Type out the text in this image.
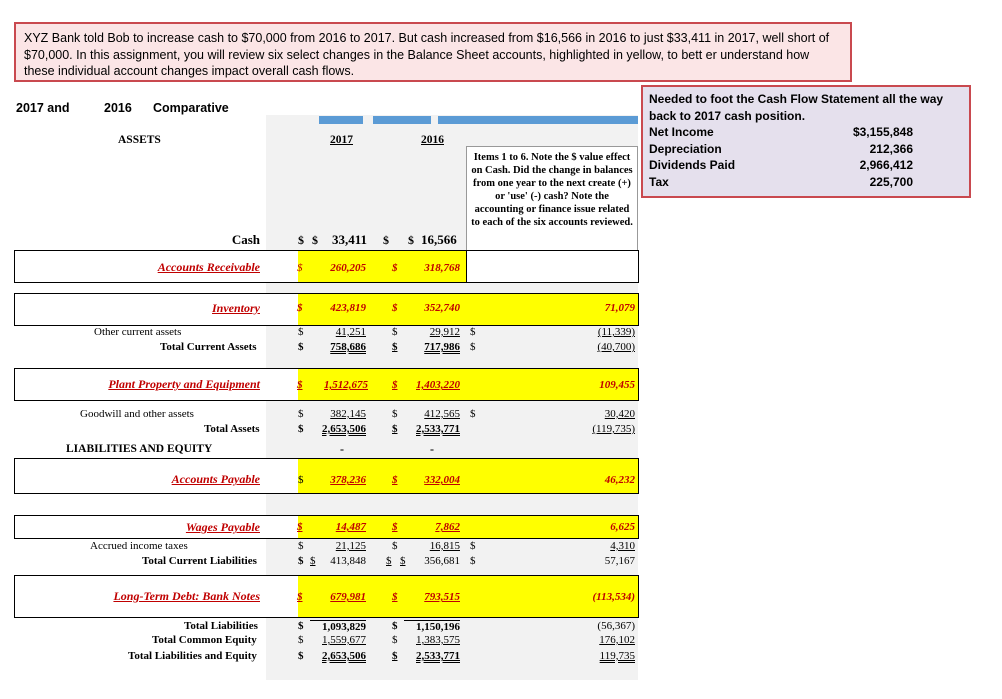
XYZ Bank told Bob to increase cash to $70,000 from 2016 to 2017. But cash increased from $16,566 in 2016 to just $33,411 in 2017, well short of $70,000. In this assignment, you will review six select changes in the Balance Sheet accounts, highlighted in yellow, to bett er understand how these individual account changes impact overall cash flows.
Needed to foot the Cash Flow Statement all the way back to 2017 cash position.
Net Income	$3,155,848
Depreciation	212,366
Dividends Paid	2,966,412
Tax	225,700
2017 and	2016 Comparative
ASSETS	2017	2016
Items 1 to 6. Note the $ value effect on Cash. Did the change in balances from one year to the next create (+) or 'use' (-) cash? Note the accounting or finance issue related to each of the six accounts reviewed.
Cash	$ $ 33,411 $ $ 16,566
Accounts Receivable	$	260,205 $	318,768
Inventory	$	423,819 $	352,740	71,079
Other current assets	$	41,251 $	29,912 $	(11,339)
Total Current Assets	$	758,686 $	717,986 $	(40,700)
Plant Property and Equipment	$	1,512,675 $	1,403,220	109,455
Goodwill and other assets	$	382,145 $	412,565 $	30,420
Total Assets	$	2,653,506 $	2,533,771	(119,735)
LIABILITIES AND EQUITY	-	-
Accounts Payable	$	378,236 $	332,004	46,232
Wages Payable	$	14,487 $	7,862	6,625
Accrued income taxes	$	21,125 $	16,815 $	4,310
Total Current Liabilities	$ $	413,848 $ $	356,681 $	57,167
Long-Term Debt: Bank Notes	$	679,981 $	793,515	(113,534)
Total Liabilities	$	1,093,829 $	1,150,196	(56,367)
Total Common Equity	$	1,559,677 $	1,383,575	176,102
Total Liabilities and Equity	$	2,653,506 $	2,533,771	119,735
